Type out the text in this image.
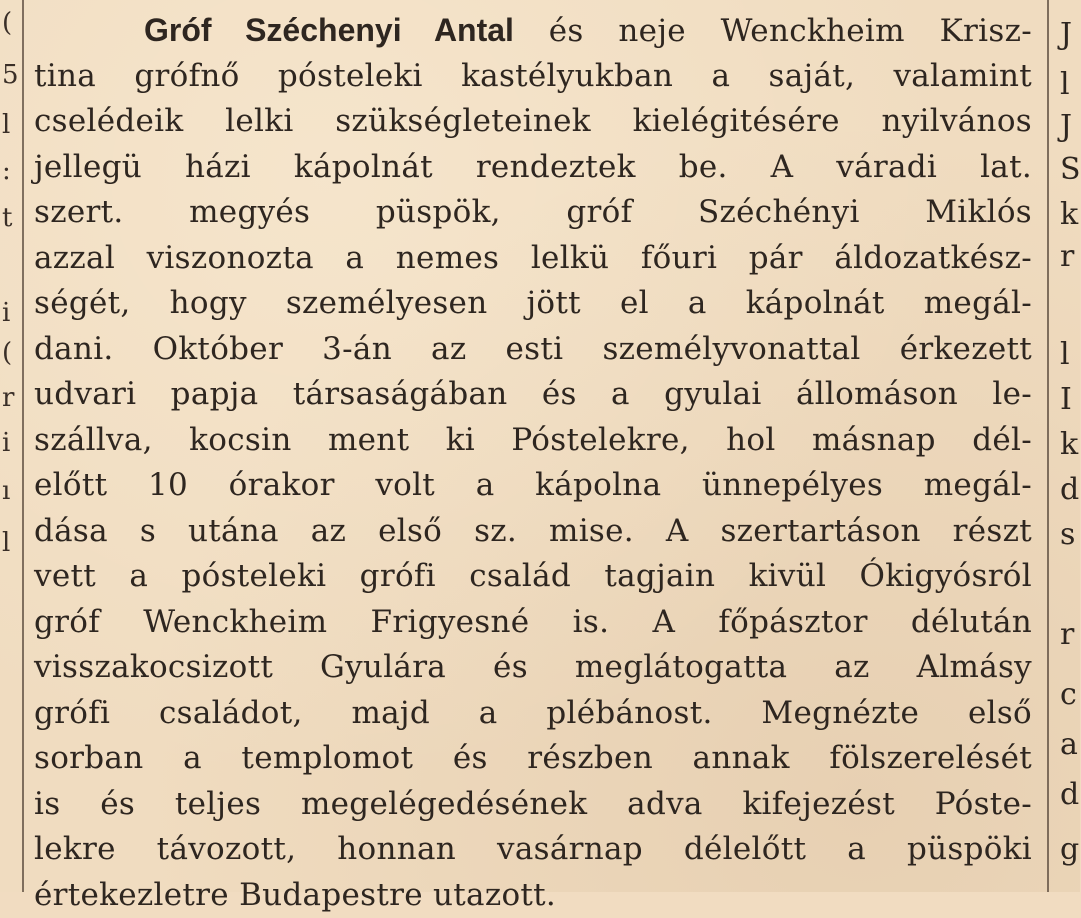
(
5
l
:
t
i
(
r
i
ı
l
Gróf Széchenyi Antal és neje Wenckheim Krisz-
tina grófnő pósteleki kastélyukban a saját, valamint
cselédeik lelki szükségleteinek kielégitésére nyilvános
jellegü házi kápolnát rendeztek be. A váradi lat.
szert. megyés püspök, gróf Széchényi Miklós
azzal viszonozta a nemes lelkü főuri pár áldozatkész-
ségét, hogy személyesen jött el a kápolnát megál-
dani. Október 3-án az esti személyvonattal érkezett
udvari papja társaságában és a gyulai állomáson le-
szállva, kocsin ment ki Póstelekre, hol másnap dél-
előtt 10 órakor volt a kápolna ünnepélyes megál-
dása s utána az első sz. mise. A szertartáson részt
vett a pósteleki grófi család tagjain kivül Ókigyósról
gróf Wenckheim Frigyesné is. A főpásztor délután
visszakocsizott Gyulára és meglátogatta az Almásy
grófi családot, majd a plébánost. Megnézte első
sorban a templomot és részben annak fölszerelését
is és teljes megelégedésének adva kifejezést Póste-
lekre távozott, honnan vasárnap délelőtt a püspöki
értekezletre Budapestre utazott.
J
l
J
S
k
r
l
I
k
d
s
r
c
a
d
g
